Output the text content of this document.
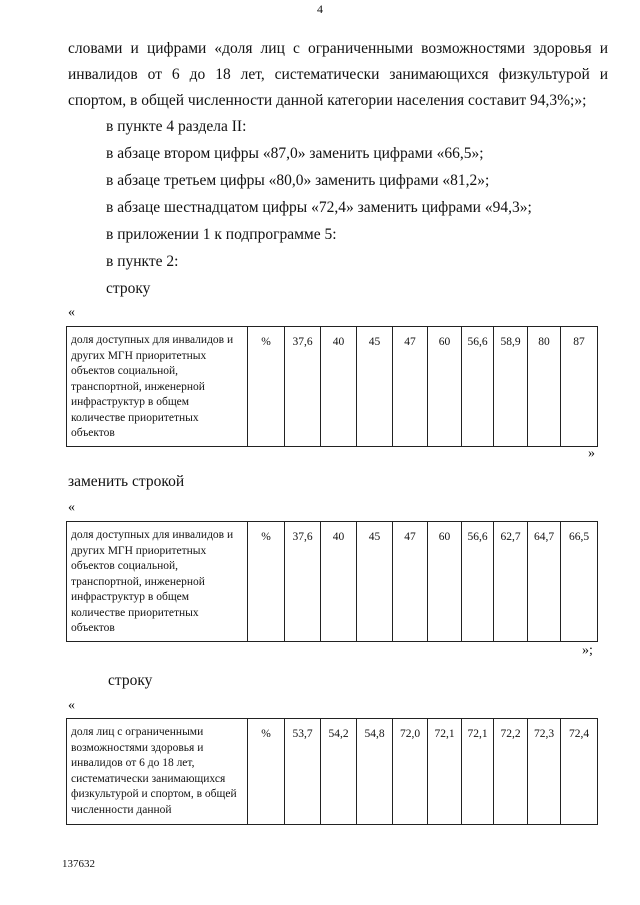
4
словами и цифрами «доля лиц с ограниченными возможностями здоровья и инвалидов от 6 до 18 лет, систематически занимающихся физкультурой и спортом, в общей численности данной категории населения составит 94,3%;»;
в пункте 4 раздела II:
в абзаце втором цифры «87,0» заменить цифрами «66,5»;
в абзаце третьем цифры «80,0» заменить цифрами «81,2»;
в абзаце шестнадцатом цифры «72,4» заменить цифрами «94,3»;
в приложении 1 к подпрограмме 5:
в пункте 2:
строку
«
доля доступных для инвалидов и других МГН приоритетных объектов социальной, транспортной, инженерной инфраструктур в общем количестве приоритетных объектов	%	37,6	40	45	47	60	56,6	58,9	80	87
»
заменить строкой
«
доля доступных для инвалидов и других МГН приоритетных объектов социальной, транспортной, инженерной инфраструктур в общем количестве приоритетных объектов	%	37,6	40	45	47	60	56,6	62,7	64,7	66,5
»;
строку
«
доля лиц с ограниченными возможностями здоровья и инвалидов от 6 до 18 лет, систематически занимающихся физкультурой и спортом, в общей численности данной	%	53,7	54,2	54,8	72,0	72,1	72,1	72,2	72,3	72,4
137632
